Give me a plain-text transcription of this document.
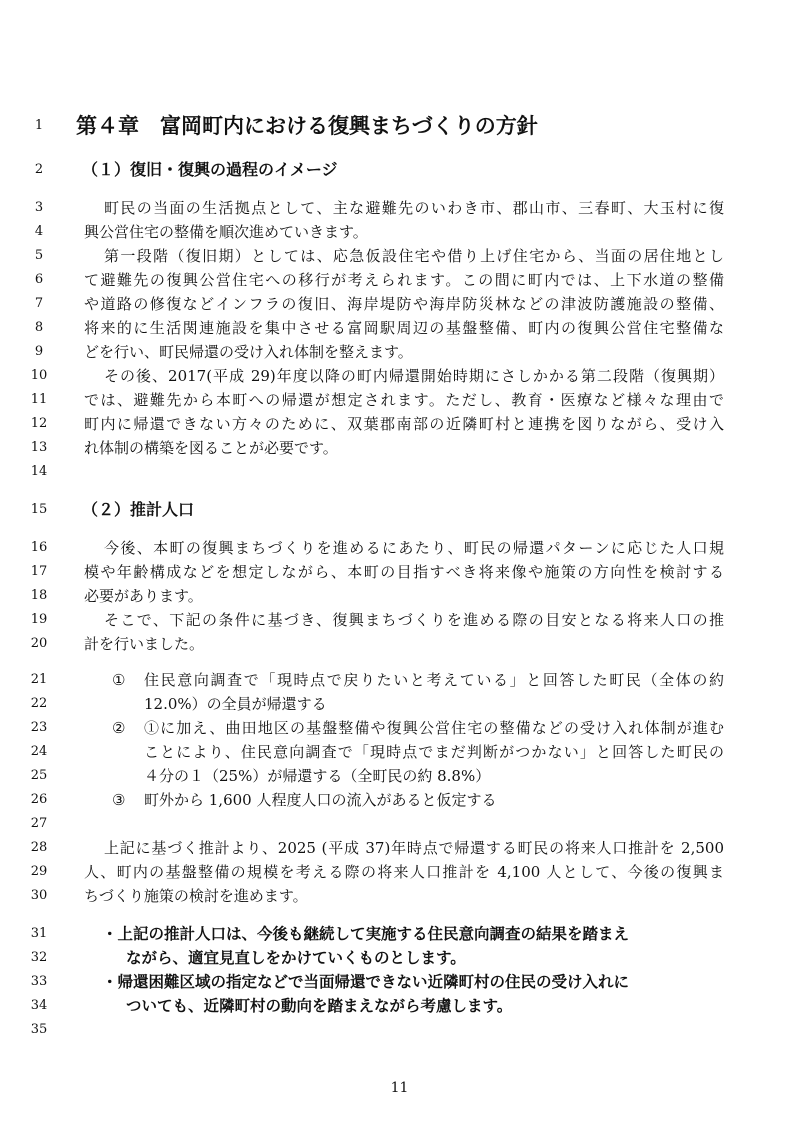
1
2
3
4
5
6
7
8
9
10
11
12
13
14
15
16
17
18
19
20
21
22
23
24
25
26
27
28
29
30
31
32
33
34
35
第４章　富岡町内における復興まちづくりの方針
（１）復旧・復興の過程のイメージ
町民の当面の生活拠点として、主な避難先のいわき市、郡山市、三春町、大玉村に復
興公営住宅の整備を順次進めていきます。
第一段階（復旧期）としては、応急仮設住宅や借り上げ住宅から、当面の居住地とし
て避難先の復興公営住宅への移行が考えられます。この間に町内では、上下水道の整備
や道路の修復などインフラの復旧、海岸堤防や海岸防災林などの津波防護施設の整備、
将来的に生活関連施設を集中させる富岡駅周辺の基盤整備、町内の復興公営住宅整備な
どを行い、町民帰還の受け入れ体制を整えます。
その後、2017(平成 29)年度以降の町内帰還開始時期にさしかかる第二段階（復興期）
では、避難先から本町への帰還が想定されます。ただし、教育・医療など様々な理由で
町内に帰還できない方々のために、双葉郡南部の近隣町村と連携を図りながら、受け入
れ体制の構築を図ることが必要です。
（２）推計人口
今後、本町の復興まちづくりを進めるにあたり、町民の帰還パターンに応じた人口規
模や年齢構成などを想定しながら、本町の目指すべき将来像や施策の方向性を検討する
必要があります。
そこで、下記の条件に基づき、復興まちづくりを進める際の目安となる将来人口の推
計を行いました。
①	住民意向調査で「現時点で戻りたいと考えている」と回答した町民（全体の約
12.0%）の全員が帰還する
②	①に加え、曲田地区の基盤整備や復興公営住宅の整備などの受け入れ体制が進む
ことにより、住民意向調査で「現時点でまだ判断がつかない」と回答した町民の
４分の１（25%）が帰還する（全町民の約 8.8%）
③	町外から 1,600 人程度人口の流入があると仮定する
上記に基づく推計より、2025 (平成 37)年時点で帰還する町民の将来人口推計を 2,500
人、町内の基盤整備の規模を考える際の将来人口推計を 4,100 人として、今後の復興ま
ちづくり施策の検討を進めます。
・上記の推計人口は、今後も継続して実施する住民意向調査の結果を踏まえ
ながら、適宜見直しをかけていくものとします。
・帰還困難区域の指定などで当面帰還できない近隣町村の住民の受け入れに
ついても、近隣町村の動向を踏まえながら考慮します。
11
